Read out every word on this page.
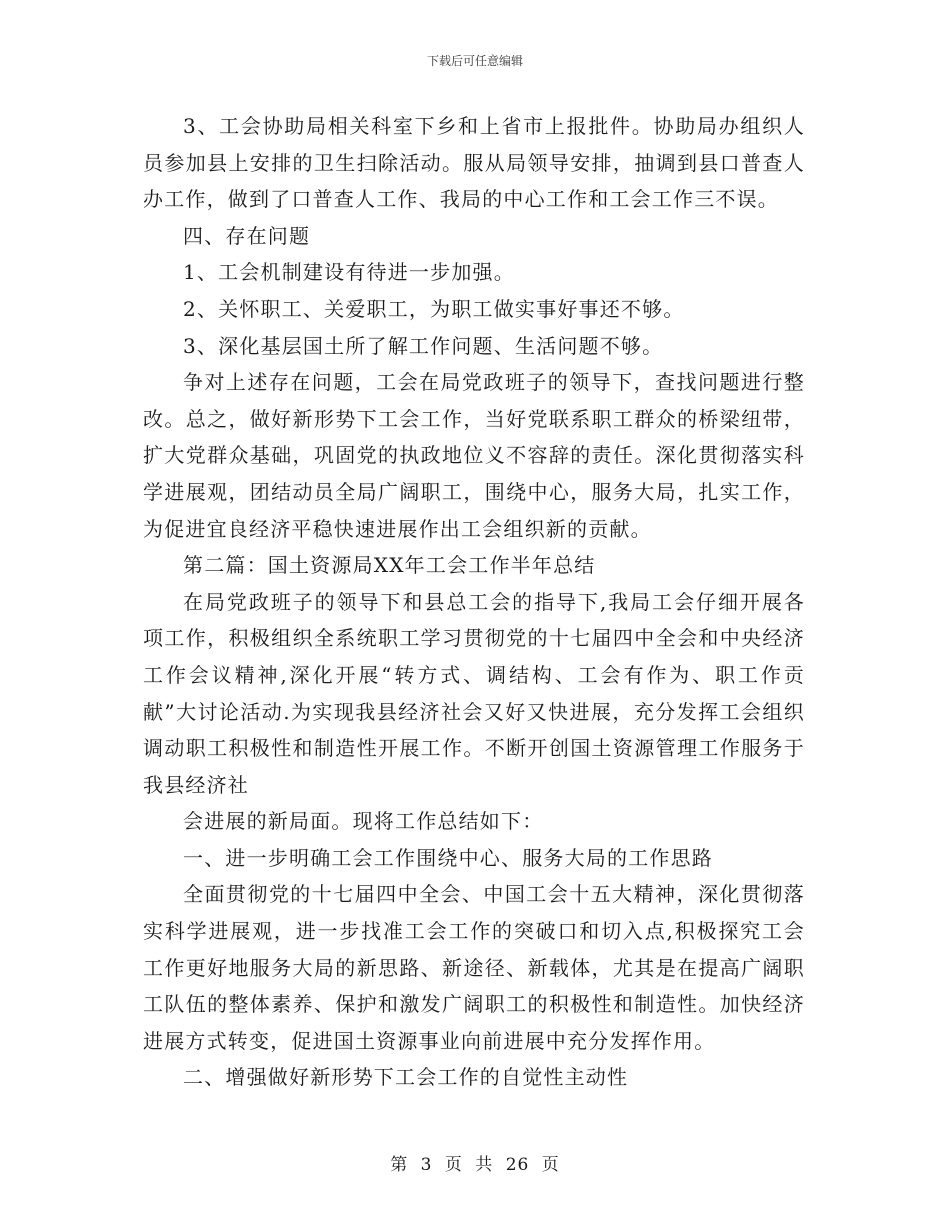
下载后可任意编辑

3、工会协助局相关科室下乡和上省市上报批件。协助局办组织人员参加县上安排的卫生扫除活动。服从局领导安排，抽调到县口普查人办工作，做到了口普查人工作、我局的中心工作和工会工作三不误。

四、存在问题

1、工会机制建设有待进一步加强。

2、关怀职工、关爱职工，为职工做实事好事还不够。

3、深化基层国土所了解工作问题、生活问题不够。

争对上述存在问题，工会在局党政班子的领导下，查找问题进行整改。总之，做好新形势下工会工作，当好党联系职工群众的桥梁纽带，扩大党群众基础，巩固党的执政地位义不容辞的责任。深化贯彻落实科学进展观，团结动员全局广阔职工，围绕中心，服务大局，扎实工作，为促进宜良经济平稳快速进展作出工会组织新的贡献。

第二篇：国土资源局XX年工会工作半年总结

在局党政班子的领导下和县总工会的指导下,我局工会仔细开展各项工作，积极组织全系统职工学习贯彻党的十七届四中全会和中央经济工作会议精神,深化开展“转方式、调结构、工会有作为、职工作贡献”大讨论活动.为实现我县经济社会又好又快进展，充分发挥工会组织调动职工积极性和制造性开展工作。不断开创国土资源管理工作服务于我县经济社

会进展的新局面。现将工作总结如下：

一、进一步明确工会工作围绕中心、服务大局的工作思路

全面贯彻党的十七届四中全会、中国工会十五大精神，深化贯彻落实科学进展观，进一步找准工会工作的突破口和切入点,积极探究工会工作更好地服务大局的新思路、新途径、新载体，尤其是在提高广阔职工队伍的整体素养、保护和激发广阔职工的积极性和制造性。加快经济进展方式转变，促进国土资源事业向前进展中充分发挥作用。

二、增强做好新形势下工会工作的自觉性主动性

第 3 页 共 26 页
